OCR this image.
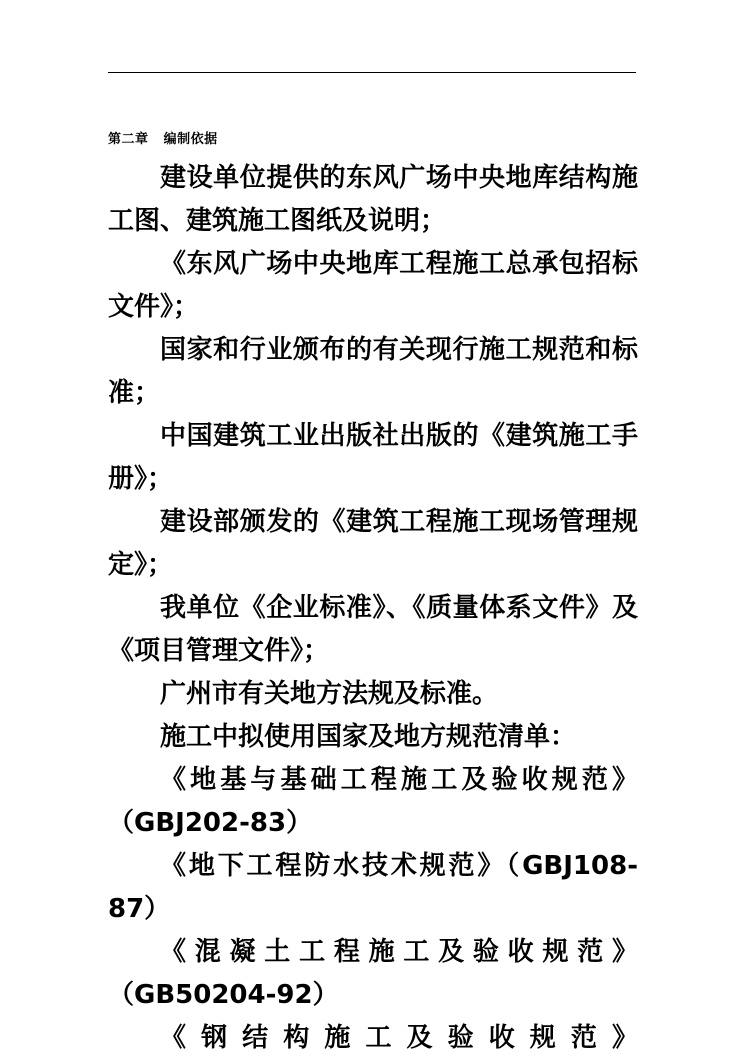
第二章   编制依据

建设单位提供的东风广场中央地库结构施工图、建筑施工图纸及说明；

《东风广场中央地库工程施工总承包招标文件》；

国家和行业颁布的有关现行施工规范和标准；

中国建筑工业出版社出版的《建筑施工手册》；

建设部颁发的《建筑工程施工现场管理规定》；

我单位《企业标准》、《质量体系文件》及《项目管理文件》；

广州市有关地方法规及标准。

施工中拟使用国家及地方规范清单：

《地基与基础工程施工及验收规范》（GBJ202-83）

《地下工程防水技术规范》（GBJ108-87）

《混凝土工程施工及验收规范》（GB50204-92）

《钢结构施工及验收规范》
